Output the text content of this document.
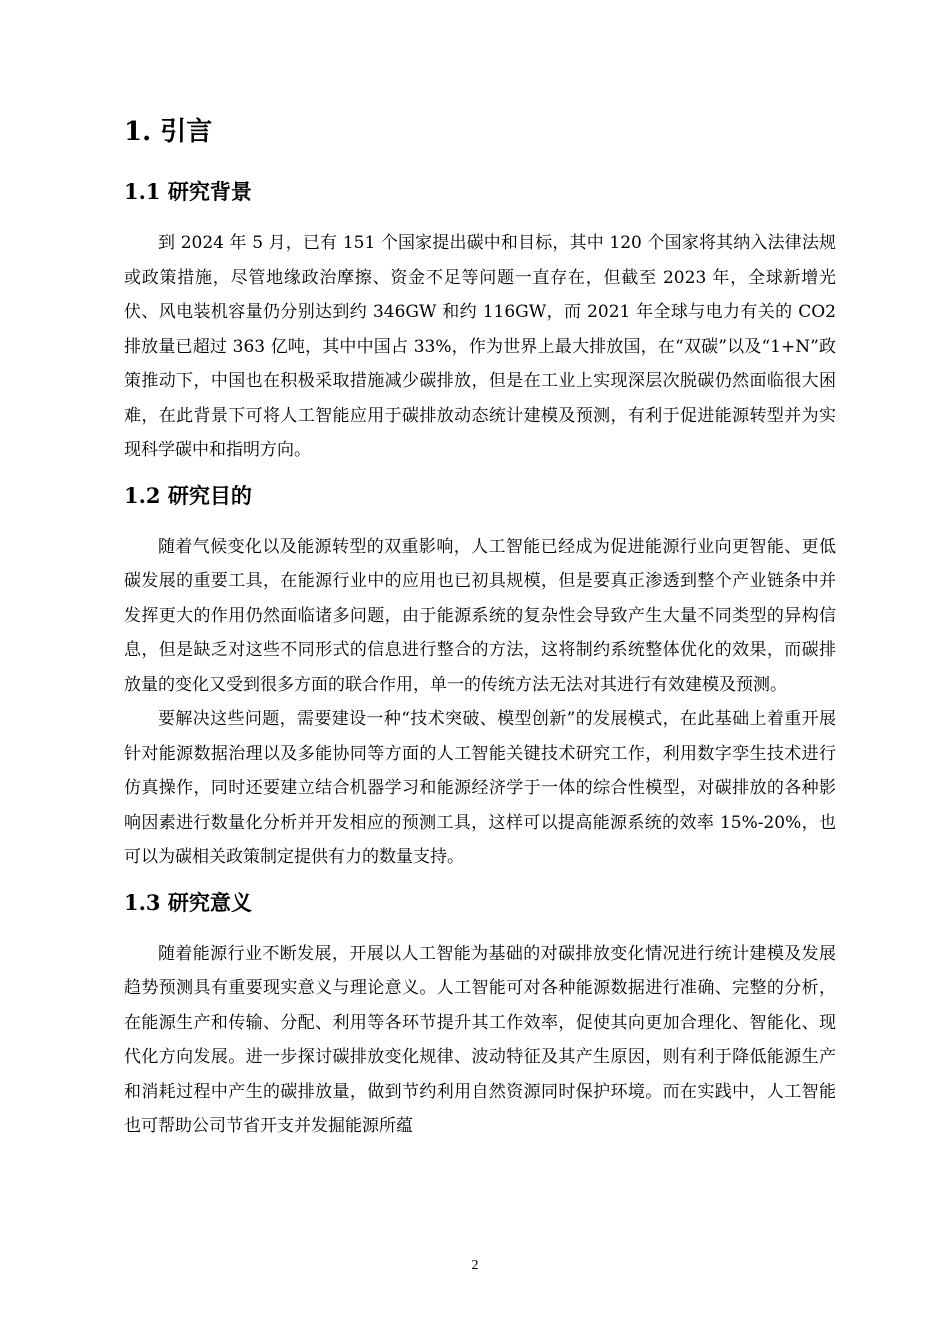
1. 引言
1.1 研究背景

到 2024 年 5 月，已有 151 个国家提出碳中和目标，其中 120 个国家将其纳入法律法规或政策措施，尽管地缘政治摩擦、资金不足等问题一直存在，但截至 2023 年，全球新增光伏、风电装机容量仍分别达到约 346GW 和约 116GW，而 2021 年全球与电力有关的 CO2 排放量已超过 363 亿吨，其中中国占 33%，作为世界上最大排放国，在“双碳”以及“1+N”政策推动下，中国也在积极采取措施减少碳排放，但是在工业上实现深层次脱碳仍然面临很大困难，在此背景下可将人工智能应用于碳排放动态统计建模及预测，有利于促进能源转型并为实现科学碳中和指明方向。

1.2 研究目的

随着气候变化以及能源转型的双重影响，人工智能已经成为促进能源行业向更智能、更低碳发展的重要工具，在能源行业中的应用也已初具规模，但是要真正渗透到整个产业链条中并发挥更大的作用仍然面临诸多问题，由于能源系统的复杂性会导致产生大量不同类型的异构信息，但是缺乏对这些不同形式的信息进行整合的方法，这将制约系统整体优化的效果，而碳排放量的变化又受到很多方面的联合作用，单一的传统方法无法对其进行有效建模及预测。

要解决这些问题，需要建设一种“技术突破、模型创新”的发展模式，在此基础上着重开展针对能源数据治理以及多能协同等方面的人工智能关键技术研究工作，利用数字孪生技术进行仿真操作，同时还要建立结合机器学习和能源经济学于一体的综合性模型，对碳排放的各种影响因素进行数量化分析并开发相应的预测工具，这样可以提高能源系统的效率 15%-20%，也可以为碳相关政策制定提供有力的数量支持。

1.3 研究意义

随着能源行业不断发展，开展以人工智能为基础的对碳排放变化情况进行统计建模及发展趋势预测具有重要现实意义与理论意义。人工智能可对各种能源数据进行准确、完整的分析，在能源生产和传输、分配、利用等各环节提升其工作效率，促使其向更加合理化、智能化、现代化方向发展。进一步探讨碳排放变化规律、波动特征及其产生原因，则有利于降低能源生产和消耗过程中产生的碳排放量，做到节约利用自然资源同时保护环境。而在实践中，人工智能也可帮助公司节省开支并发掘能源所蕴

2
